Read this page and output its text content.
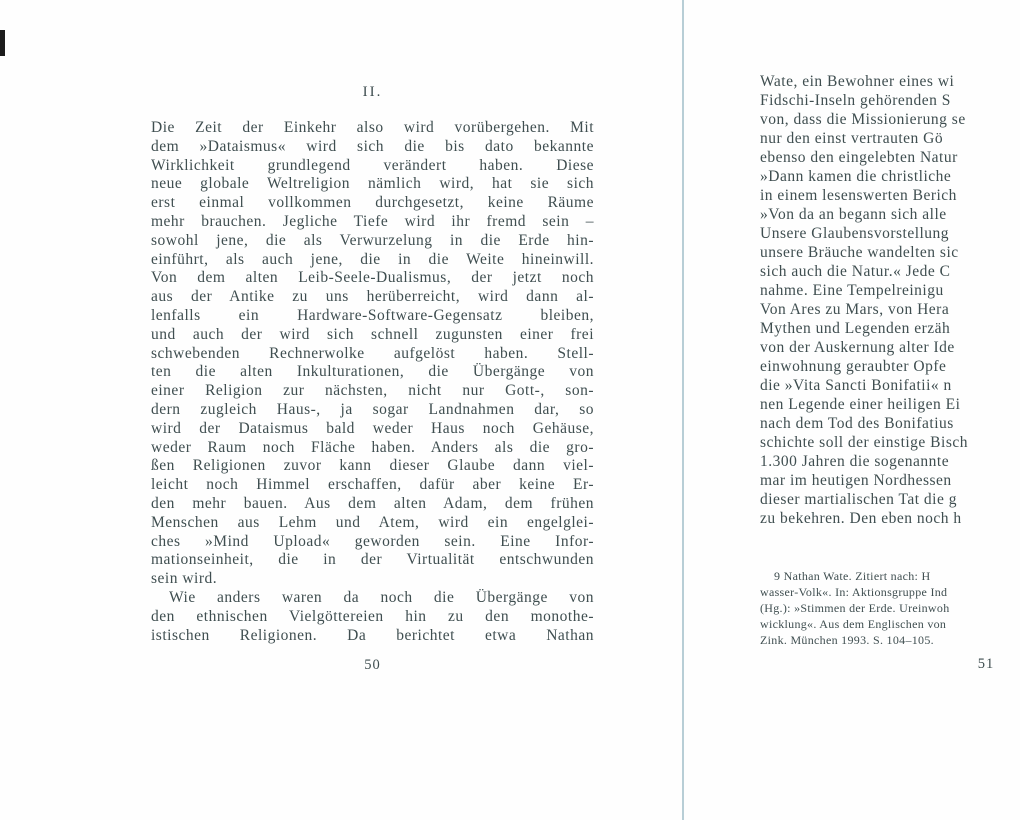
II.
Die Zeit der Einkehr also wird vorübergehen. Mit
dem »Dataismus« wird sich die bis dato bekannte
Wirklichkeit grundlegend verändert haben. Diese
neue globale Weltreligion nämlich wird, hat sie sich
erst einmal vollkommen durchgesetzt, keine Räume
mehr brauchen. Jegliche Tiefe wird ihr fremd sein –
sowohl jene, die als Verwurzelung in die Erde hin-
einführt, als auch jene, die in die Weite hineinwill.
Von dem alten Leib-Seele-Dualismus, der jetzt noch
aus der Antike zu uns herüberreicht, wird dann al-
lenfalls ein Hardware-Software-Gegensatz bleiben,
und auch der wird sich schnell zugunsten einer frei
schwebenden Rechnerwolke aufgelöst haben. Stell-
ten die alten Inkulturationen, die Übergänge von
einer Religion zur nächsten, nicht nur Gott-, son-
dern zugleich Haus-, ja sogar Landnahmen dar, so
wird der Dataismus bald weder Haus noch Gehäuse,
weder Raum noch Fläche haben. Anders als die gro-
ßen Religionen zuvor kann dieser Glaube dann viel-
leicht noch Himmel erschaffen, dafür aber keine Er-
den mehr bauen. Aus dem alten Adam, dem frühen
Menschen aus Lehm und Atem, wird ein engelglei-
ches »Mind Upload« geworden sein. Eine Infor-
mationseinheit, die in der Virtualität entschwunden
sein wird.
Wie anders waren da noch die Übergänge von
den ethnischen Vielgöttereien hin zu den monothe-
istischen Religionen. Da berichtet etwa Nathan
50
Wate, ein Bewohner eines wi
Fidschi-Inseln gehörenden S
von, dass die Missionierung se
nur den einst vertrauten Gö
ebenso den eingelebten Natur
»Dann kamen die christliche
in einem lesenswerten Berich
»Von da an begann sich alle
Unsere Glaubensvorstellung
unsere Bräuche wandelten sic
sich auch die Natur.« Jede C
nahme. Eine Tempelreinigu
Von Ares zu Mars, von Hera
Mythen und Legenden erzäh
von der Auskernung alter Ide
einwohnung geraubter Opfe
die »Vita Sancti Bonifatii« n
nen Legende einer heiligen Ei
nach dem Tod des Bonifatius
schichte soll der einstige Bisch
1.300 Jahren die sogenannte
mar im heutigen Nordhessen
dieser martialischen Tat die g
zu bekehren. Den eben noch h
9 Nathan Wate. Zitiert nach: H
wasser-Volk«. In: Aktionsgruppe Ind
(Hg.): »Stimmen der Erde. Ureinwoh
wicklung«. Aus dem Englischen von
Zink. München 1993. S. 104–105.
51
